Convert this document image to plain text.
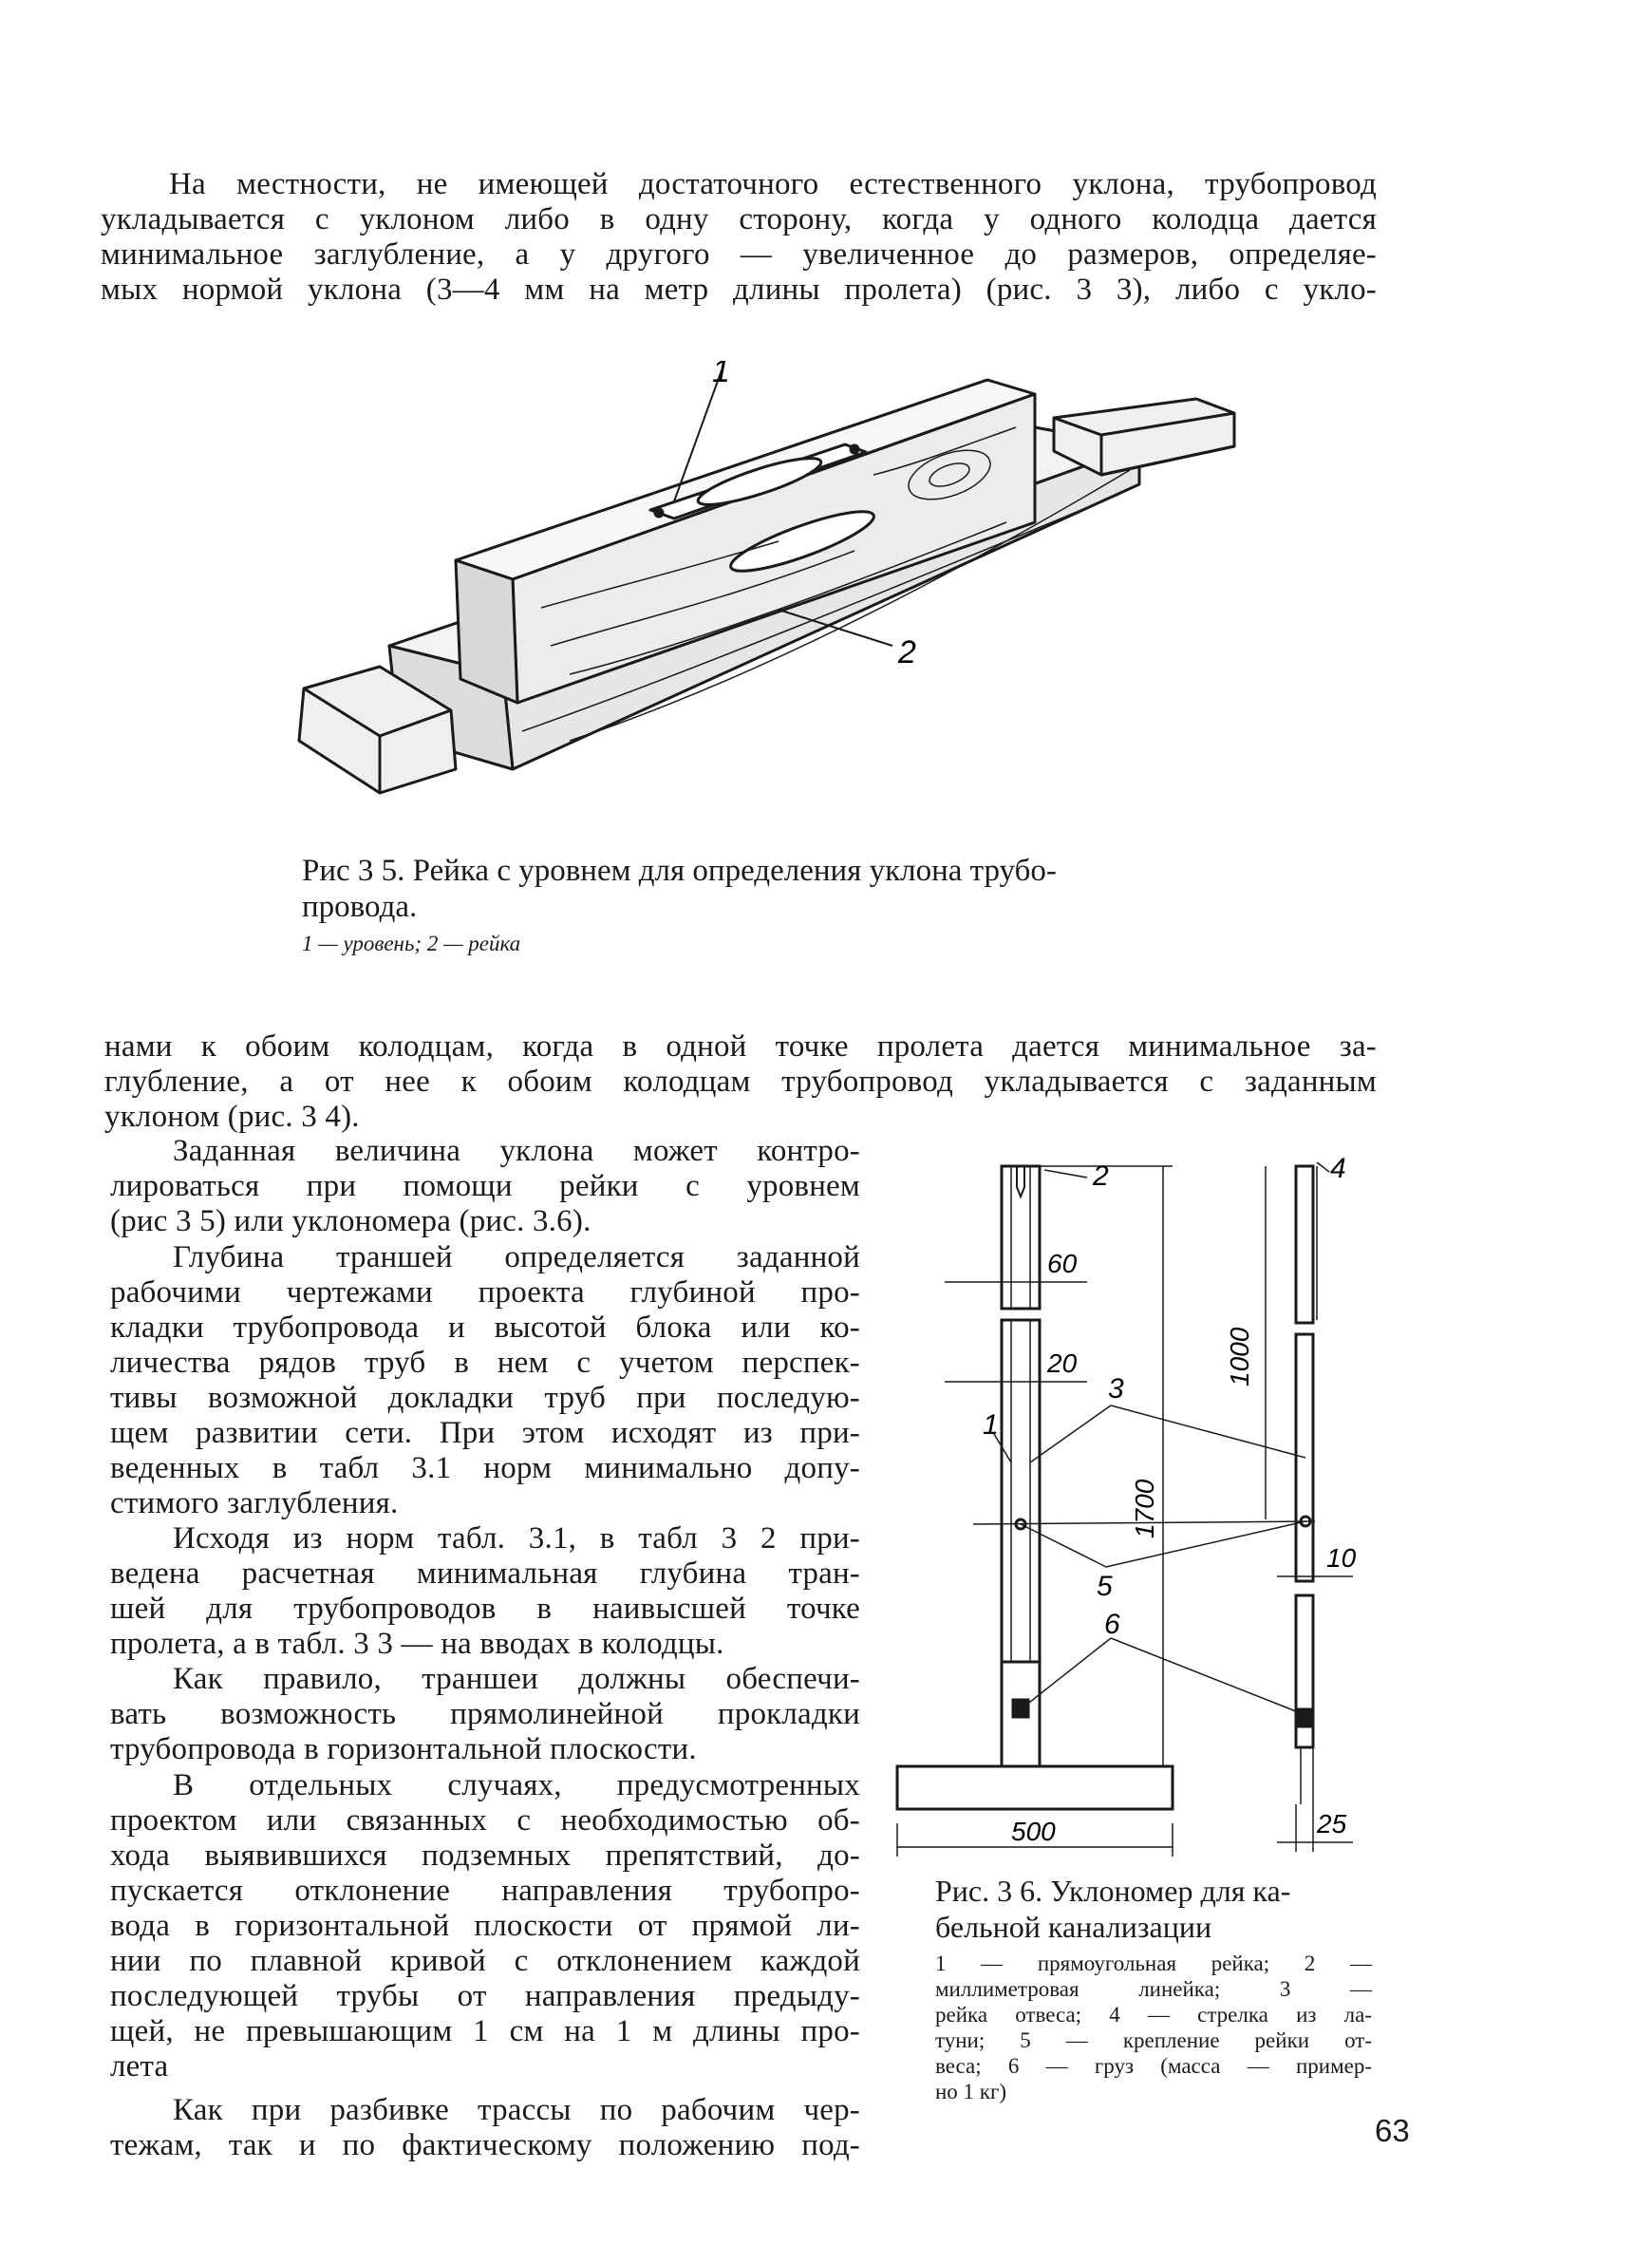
На местности, не имеющей достаточного естественного уклона, трубопровод
укладывается с уклоном либо в одну сторону, когда у одного колодца дается
минимальное заглубление, а у другого — увеличенное до размеров, определяе-
мых нормой уклона (3—4 мм на метр длины пролета) (рис. 3 3), либо с укло-
1
2
Рис 3 5. Рейка с уровнем для определения уклона трубо-
провода.
1 — уровень; 2 — рейка
нами к обоим колодцам, когда в одной точке пролета дается минимальное за-
глубление, а от нее к обоим колодцам трубопровод укладывается с заданным
уклоном (рис. 3 4).
Заданная величина уклона может контро-
лироваться при помощи рейки с уровнем
(рис 3 5) или уклономера (рис. 3.6).
Глубина траншей определяется заданной
рабочими чертежами проекта глубиной про-
кладки трубопровода и высотой блока или ко-
личества рядов труб в нем с учетом перспек-
тивы возможной докладки труб при последую-
щем развитии сети. При этом исходят из при-
веденных в табл 3.1 норм минимально допу-
стимого заглубления.
Исходя из норм табл. 3.1, в табл 3 2 при-
ведена расчетная минимальная глубина тран-
шей для трубопроводов в наивысшей точке
пролета, а в табл. 3 3 — на вводах в колодцы.
Как правило, траншеи должны обеспечи-
вать возможность прямолинейной прокладки
трубопровода в горизонтальной плоскости.
В отдельных случаях, предусмотренных
проектом или связанных с необходимостью об-
хода выявившихся подземных препятствий, до-
пускается отклонение направления трубопро-
вода в горизонтальной плоскости от прямой ли-
нии по плавной кривой с отклонением каждой
последующей трубы от направления предыду-
щей, не превышающим 1 см на 1 м длины про-
лета
Как при разбивке трассы по рабочим чер-
тежам, так и по фактическому положению под-
2	4
60
20
3
1
1000
1700
10
5
6
500	25
Рис. 3 6. Уклономер для ка-
бельной канализации
1 — прямоугольная рейка; 2 —
миллиметровая линейка; 3 —
рейка отвеса; 4 — стрелка из ла-
туни; 5 — крепление рейки от-
веса; 6 — груз (масса — пример-
но 1 кг)
63
